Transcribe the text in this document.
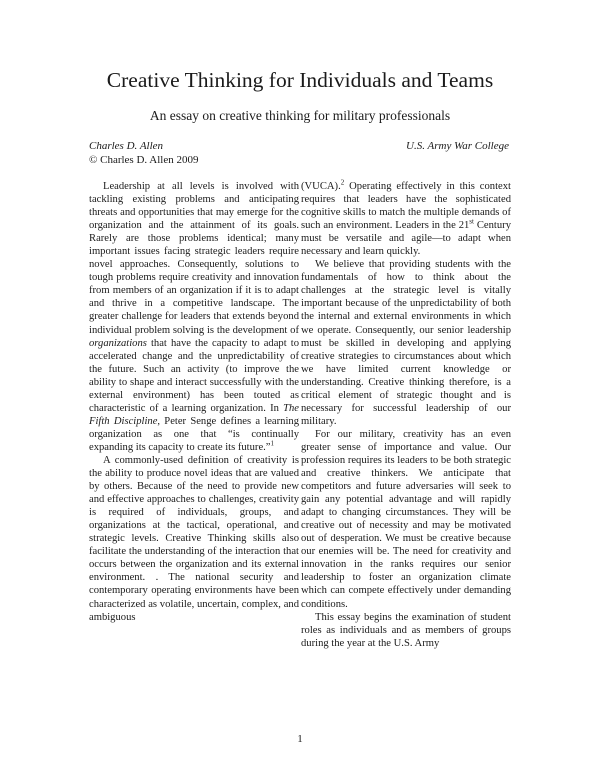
Creative Thinking for Individuals and Teams
An essay on creative thinking for military professionals
Charles D. Allen
© Charles D. Allen 2009
U.S. Army War College

Leadership at all levels is involved with tackling existing problems and anticipating threats and opportunities that may emerge for the organization and the attainment of its goals. Rarely are those problems identical; many important issues facing strategic leaders require novel approaches. Consequently, solutions to tough problems require creativity and innovation from members of an organization if it is to adapt and thrive in a competitive landscape. The greater challenge for leaders that extends beyond individual problem solving is the development of organizations that have the capacity to adapt to accelerated change and the unpredictability of the future. Such an activity (to improve the ability to shape and interact successfully with the external environment) has been touted as characteristic of a learning organization. In The Fifth Discipline, Peter Senge defines a learning organization as one that “is continually expanding its capacity to create its future.”$^1$

A commonly-used definition of creativity is the ability to produce novel ideas that are valued by others. Because of the need to provide new and effective approaches to challenges, creativity is required of individuals, groups, and organizations at the tactical, operational, and strategic levels. Creative Thinking skills also facilitate the understanding of the interaction that occurs between the organization and its external environment. . The national security and contemporary operating environments have been characterized as volatile, uncertain, complex, and ambiguous

(VUCA).$^2$ Operating effectively in this context requires that leaders have the sophisticated cognitive skills to match the multiple demands of such an environment. Leaders in the 21st Century must be versatile and agile—to adapt when necessary and learn quickly.

We believe that providing students with the fundamentals of how to think about the challenges at the strategic level is vitally important because of the unpredictability of both the internal and external environments in which we operate. Consequently, our senior leadership must be skilled in developing and applying creative strategies to circumstances about which we have limited current knowledge or understanding. Creative thinking therefore, is a critical element of strategic thought and is necessary for successful leadership of our military.

For our military, creativity has an even greater sense of importance and value. Our profession requires its leaders to be both strategic and creative thinkers. We anticipate that competitors and future adversaries will seek to gain any potential advantage and will rapidly adapt to changing circumstances. They will be creative out of necessity and may be motivated out of desperation. We must be creative because our enemies will be. The need for creativity and innovation in the ranks requires our senior leadership to foster an organization climate which can compete effectively under demanding conditions.

This essay begins the examination of student roles as individuals and as members of groups during the year at the U.S. Army

1
